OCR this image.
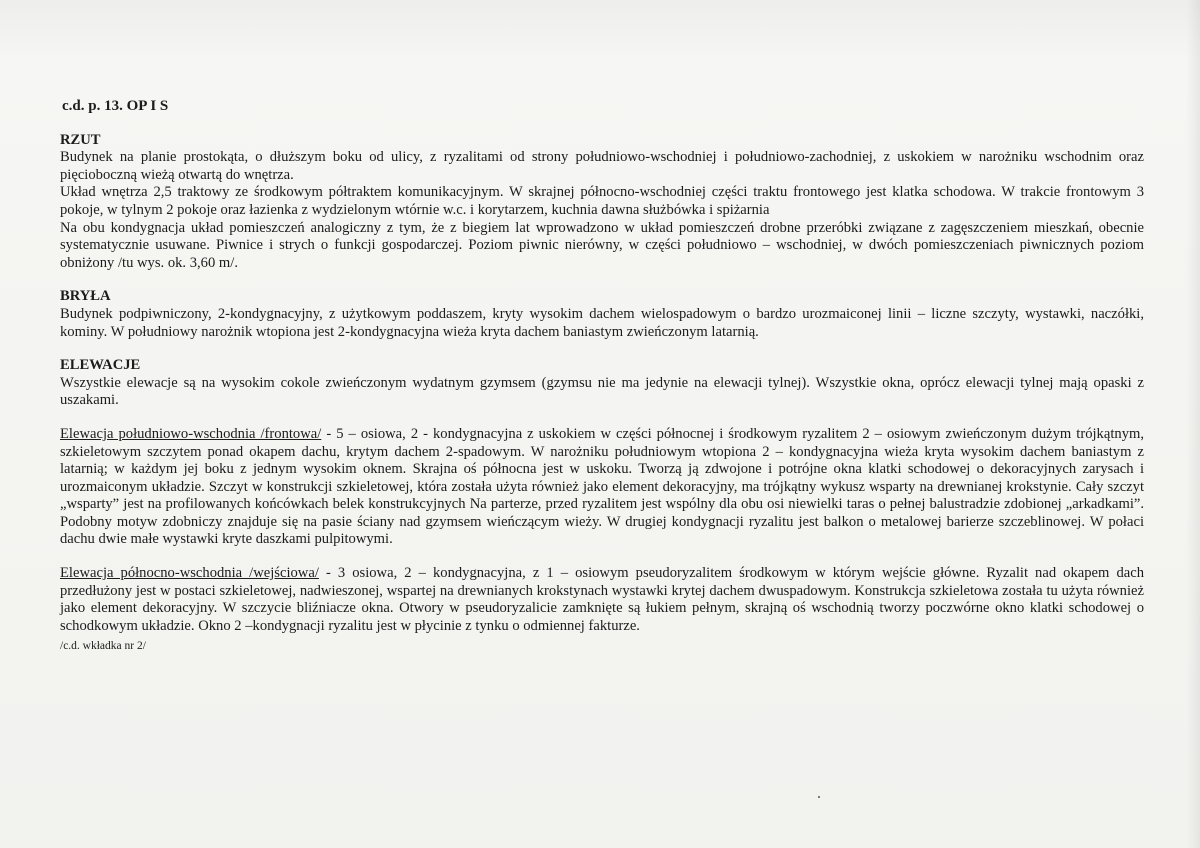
c.d. p. 13. OP I S

RZUT

Budynek na planie prostokąta, o dłuższym boku od ulicy, z ryzalitami od strony południowo-wschodniej i południowo-zachodniej, z uskokiem w narożniku wschodnim oraz pięcioboczną wieżą otwartą do wnętrza.

Układ wnętrza 2,5 traktowy ze środkowym półtraktem komunikacyjnym. W skrajnej północno-wschodniej części traktu frontowego jest klatka schodowa. W trakcie frontowym 3 pokoje, w tylnym 2 pokoje oraz łazienka z wydzielonym wtórnie w.c. i korytarzem, kuchnia dawna służbówka i spiżarnia

Na obu kondygnacja układ pomieszczeń analogiczny z tym, że z biegiem lat wprowadzono w układ pomieszczeń drobne przeróbki związane z zagęszczeniem mieszkań, obecnie systematycznie usuwane. Piwnice i strych o funkcji gospodarczej. Poziom piwnic nierówny, w części południowo – wschodniej, w dwóch pomieszczeniach piwnicznych poziom obniżony /tu wys. ok. 3,60 m/.

BRYŁA

Budynek podpiwniczony, 2-kondygnacyjny, z użytkowym poddaszem, kryty wysokim dachem wielospadowym o bardzo urozmaiconej linii – liczne szczyty, wystawki, naczółki, kominy. W południowy narożnik wtopiona jest 2-kondygnacyjna wieża kryta dachem baniastym zwieńczonym latarnią.

ELEWACJE

Wszystkie elewacje są na wysokim cokole zwieńczonym wydatnym gzymsem (gzymsu nie ma jedynie na elewacji tylnej). Wszystkie okna, oprócz elewacji tylnej mają opaski z uszakami.

Elewacja południowo-wschodnia /frontowa/ - 5 – osiowa, 2 - kondygnacyjna z uskokiem w części północnej i środkowym ryzalitem 2 – osiowym zwieńczonym dużym trójkątnym, szkieletowym szczytem ponad okapem dachu, krytym dachem 2-spadowym. W narożniku południowym wtopiona 2 – kondygnacyjna wieża kryta wysokim dachem baniastym z latarnią; w każdym jej boku z jednym wysokim oknem. Skrajna oś północna jest w uskoku. Tworzą ją zdwojone i potrójne okna klatki schodowej o dekoracyjnych zarysach i urozmaiconym układzie. Szczyt w konstrukcji szkieletowej, która została użyta również jako element dekoracyjny, ma trójkątny wykusz wsparty na drewnianej krokstynie. Cały szczyt „wsparty” jest na profilowanych końcówkach belek konstrukcyjnych Na parterze, przed ryzalitem jest wspólny dla obu osi niewielki taras o pełnej balustradzie zdobionej „arkadkami”. Podobny motyw zdobniczy znajduje się na pasie ściany nad gzymsem wieńczącym wieży. W drugiej kondygnacji ryzalitu jest balkon o metalowej barierze szczeblinowej. W połaci dachu dwie małe wystawki kryte daszkami pulpitowymi.

Elewacja północno-wschodnia /wejściowa/ - 3 osiowa, 2 – kondygnacyjna, z 1 – osiowym pseudoryzalitem środkowym w którym wejście główne. Ryzalit nad okapem dach przedłużony jest w postaci szkieletowej, nadwieszonej, wspartej na drewnianych krokstynach wystawki krytej dachem dwuspadowym. Konstrukcja szkieletowa została tu użyta również jako element dekoracyjny. W szczycie bliźniacze okna. Otwory w pseudoryzalicie zamknięte są łukiem pełnym, skrajną oś wschodnią tworzy poczwórne okno klatki schodowej o schodkowym układzie. Okno 2 –kondygnacji ryzalitu jest w płycinie z tynku o odmiennej fakturze.

/c.d. wkładka nr 2/
